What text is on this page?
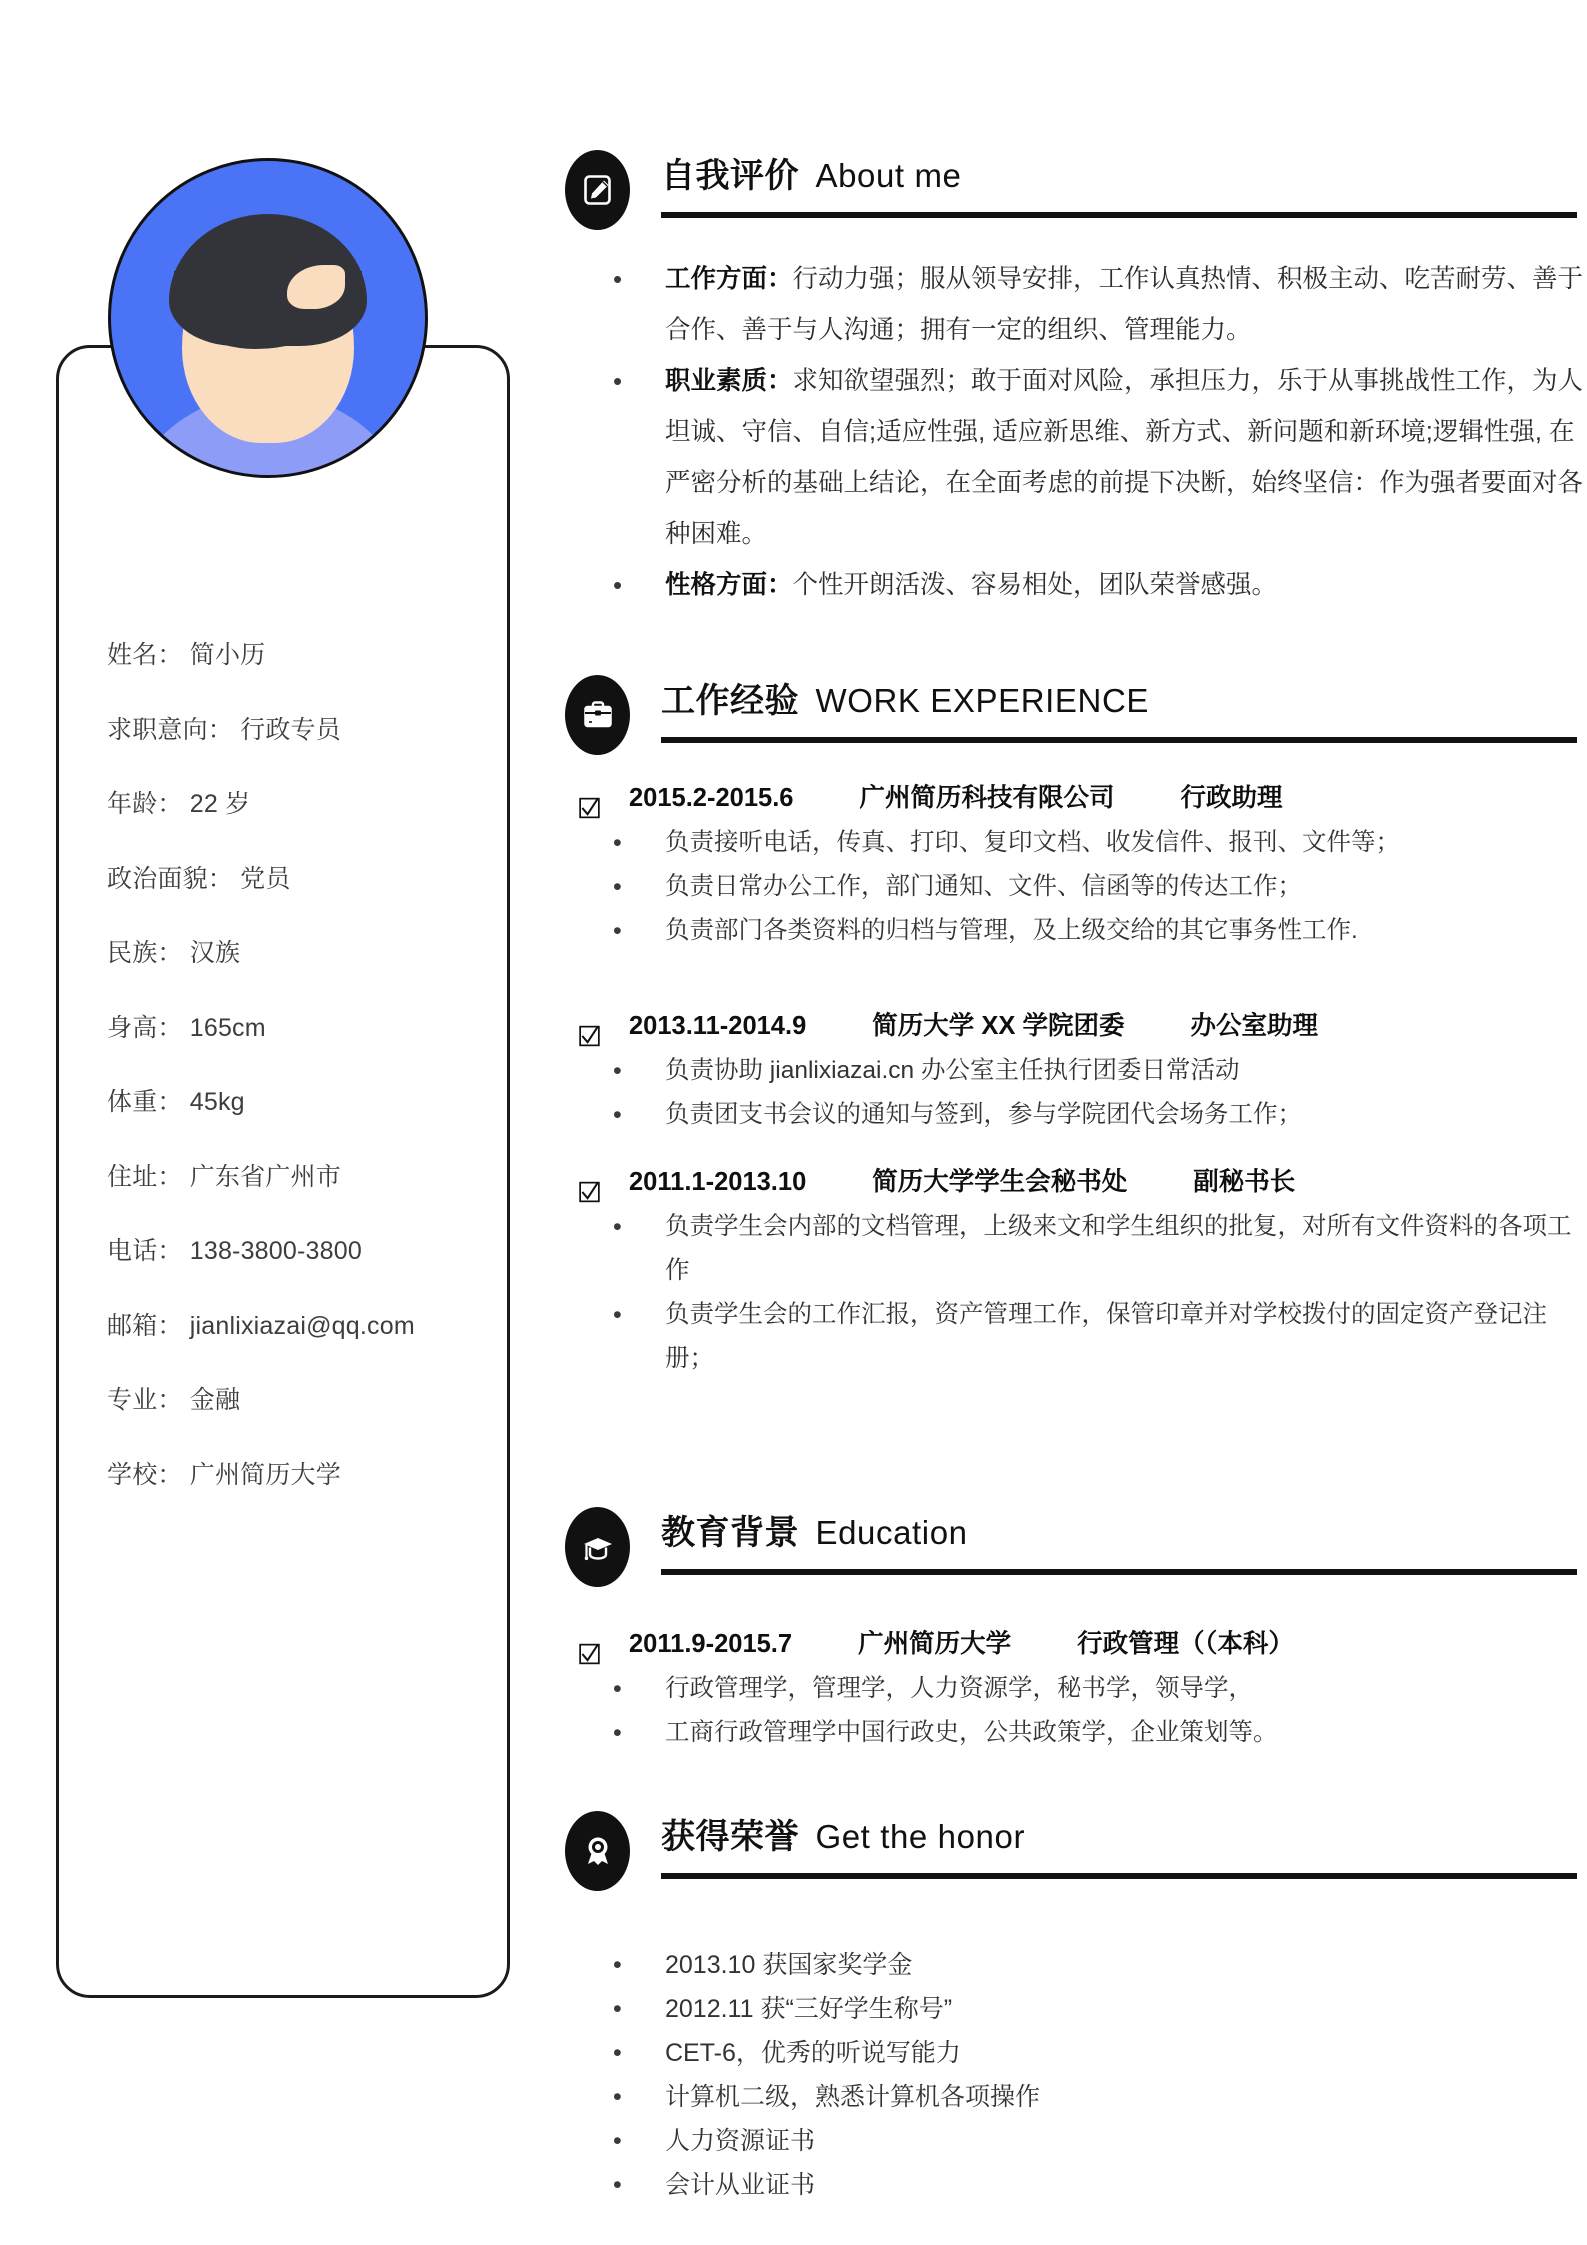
姓名： 简小历
求职意向： 行政专员
年龄： 22 岁
政治面貌： 党员
民族： 汉族
身高： 165cm
体重： 45kg
住址： 广东省广州市
电话： 138-3800-3800
邮箱： jianlixiazai@qq.com
专业： 金融
学校： 广州简历大学
自我评价 About me
• 工作方面：行动力强；服从领导安排，工作认真热情、积极主动、吃苦耐劳、善于合作、善于与人沟通；拥有一定的组织、管理能力。
• 职业素质：求知欲望强烈；敢于面对风险，承担压力，乐于从事挑战性工作，为人坦诚、守信、自信;适应性强, 适应新思维、新方式、新问题和新环境;逻辑性强, 在严密分析的基础上结论，在全面考虑的前提下决断，始终坚信：作为强者要面对各种困难。
• 性格方面：个性开朗活泼、容易相处，团队荣誉感强。
工作经验 WORK EXPERIENCE
2015.2-2015.6	广州简历科技有限公司	行政助理
• 负责接听电话，传真、打印、复印文档、收发信件、报刊、文件等；
• 负责日常办公工作，部门通知、文件、信函等的传达工作；
• 负责部门各类资料的归档与管理，及上级交给的其它事务性工作.
2013.11-2014.9	简历大学 XX 学院团委	办公室助理
• 负责协助 jianlixiazai.cn 办公室主任执行团委日常活动
• 负责团支书会议的通知与签到，参与学院团代会场务工作；
2011.1-2013.10	简历大学学生会秘书处	副秘书长
• 负责学生会内部的文档管理，上级来文和学生组织的批复，对所有文件资料的各项工作
• 负责学生会的工作汇报，资产管理工作，保管印章并对学校拨付的固定资产登记注册；
教育背景 Education
2011.9-2015.7	广州简历大学	行政管理（（本科）
• 行政管理学，管理学，人力资源学，秘书学，领导学，
• 工商行政管理学中国行政史，公共政策学，企业策划等。
获得荣誉 Get the honor
• 2013.10 获国家奖学金
• 2012.11 获“三好学生称号”
• CET-6，优秀的听说写能力
• 计算机二级，熟悉计算机各项操作
• 人力资源证书
• 会计从业证书
